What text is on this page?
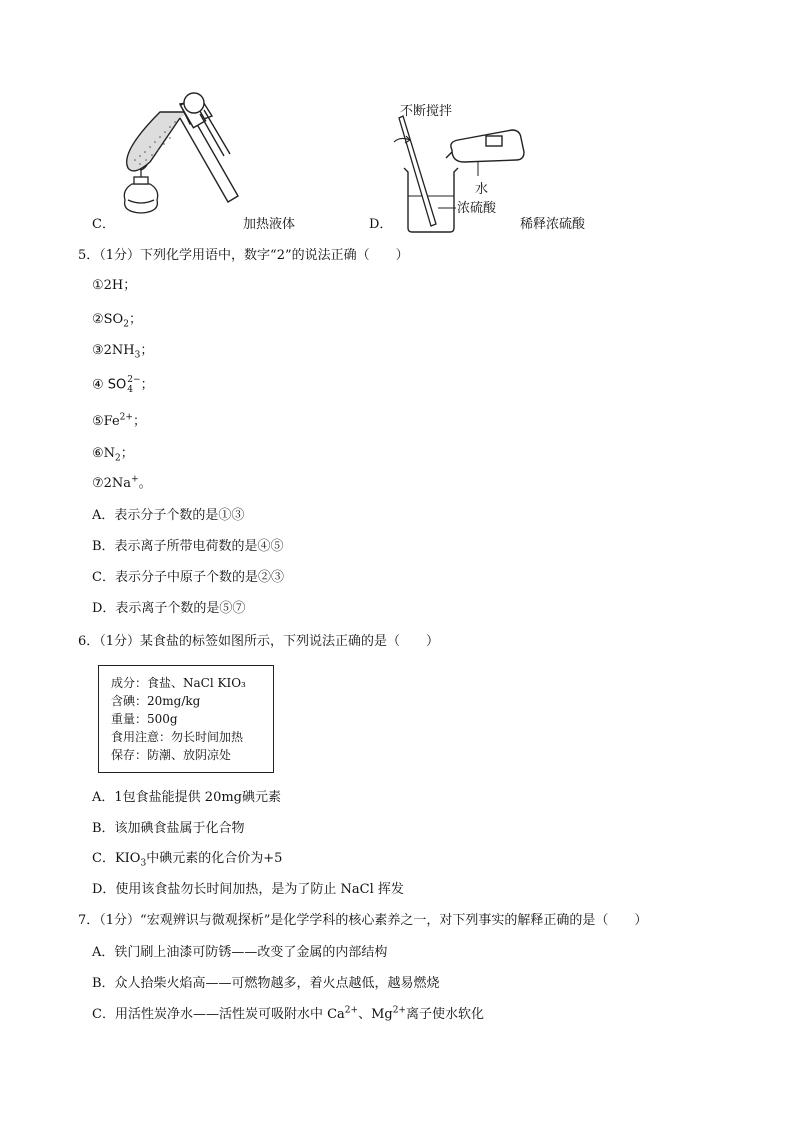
C．	加热液体
不断搅拌
水
浓硫酸
D．	稀释浓硫酸
5．（1分）下列化学用语中，数字“2”的说法正确（　　）
①2H；
$②SO_2$；
$③2NH_3$；
④ SO 2−
4 ；
$⑤Fe^{2+}$；
$⑥N_2$；
⑦2Na+。
A．表示分子个数的是①③
B．表示离子所带电荷数的是④⑤
C．表示分子中原子个数的是②③
D．表示离子个数的是⑤⑦
6．（1分）某食盐的标签如图所示，下列说法正确的是（　　）
成分：食盐、NaCl KIO₃
含碘：20mg/kg
重量：500g
食用注意：勿长时间加热
保存：防潮、放阴凉处
A．1包食盐能提供 20mg碘元素
B．该加碘食盐属于化合物
C．$KIO_3$中碘元素的化合价为+5
D．使用该食盐勿长时间加热，是为了防止 NaCl 挥发
7．（1分）“宏观辨识与微观探析”是化学学科的核心素养之一，对下列事实的解释正确的是（　　）
A．铁门刷上油漆可防锈——改变了金属的内部结构
B．众人拾柴火焰高——可燃物越多，着火点越低，越易燃烧
C．用活性炭净水——活性炭可吸附水中 $Ca^{2+}$、$Mg^{2+}$离子使水软化
